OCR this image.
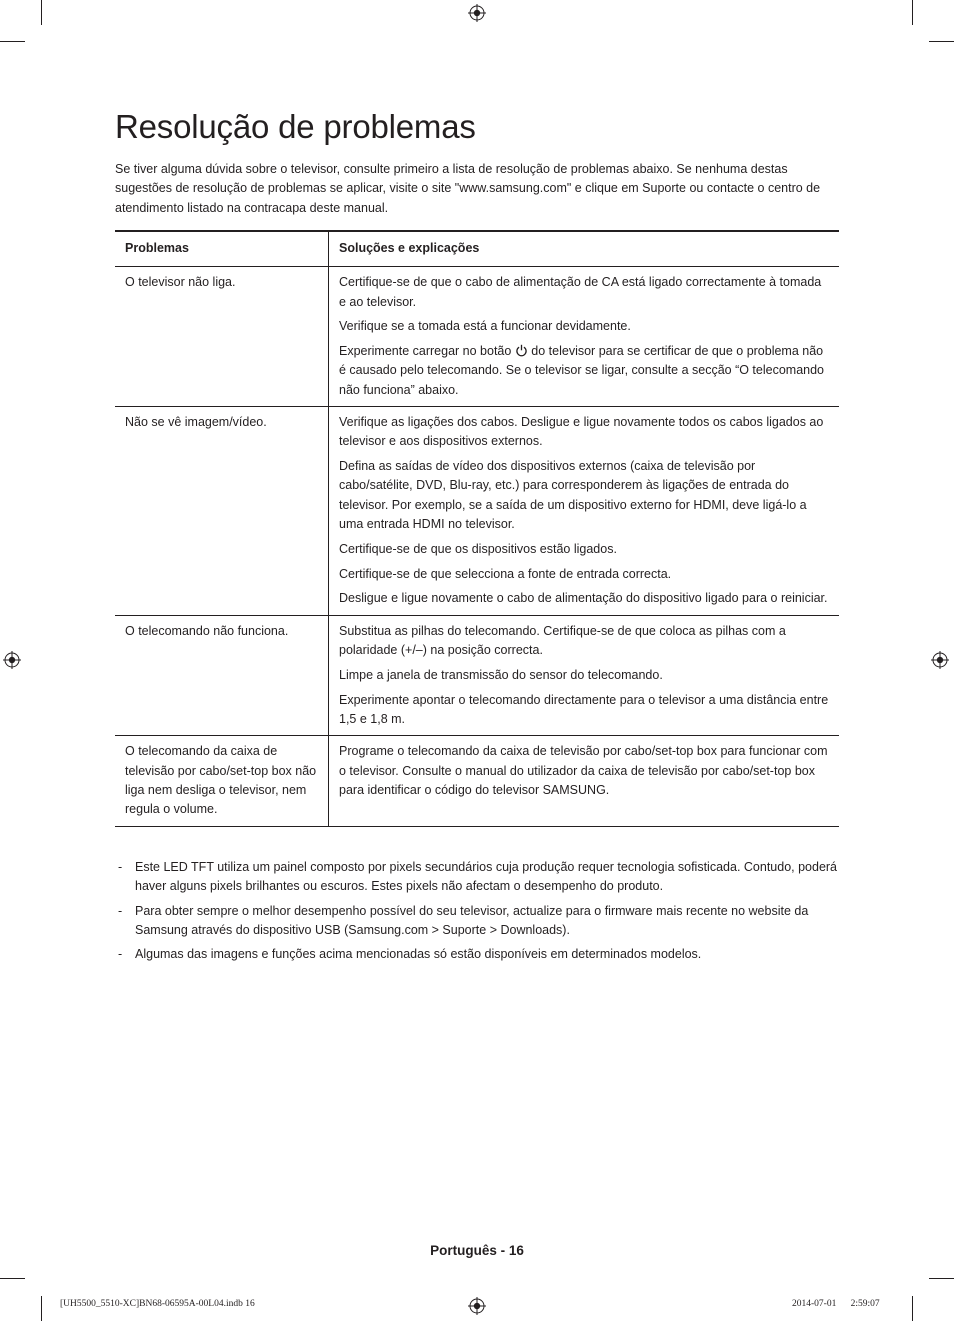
Resolução de problemas

Se tiver alguma dúvida sobre o televisor, consulte primeiro a lista de resolução de problemas abaixo. Se nenhuma destas sugestões de resolução de problemas se aplicar, visite o site "www.samsung.com" e clique em Suporte ou contacte o centro de atendimento listado na contracapa deste manual.

Problemas	Soluções e explicações
O televisor não liga.	Certifique-se de que o cabo de alimentação de CA está ligado correctamente à tomada e ao televisor.

Verifique se a tomada está a funcionar devidamente.

Experimente carregar no botão do televisor para se certificar de que o problema não é causado pelo telecomando. Se o televisor se ligar, consulte a secção “O telecomando não funciona” abaixo.

Não se vê imagem/vídeo.	Verifique as ligações dos cabos. Desligue e ligue novamente todos os cabos ligados ao televisor e aos dispositivos externos.

Defina as saídas de vídeo dos dispositivos externos (caixa de televisão por cabo/satélite, DVD, Blu-ray, etc.) para corresponderem às ligações de entrada do televisor. Por exemplo, se a saída de um dispositivo externo for HDMI, deve ligá-lo a uma entrada HDMI no televisor.

Certifique-se de que os dispositivos estão ligados.

Certifique-se de que selecciona a fonte de entrada correcta.

Desligue e ligue novamente o cabo de alimentação do dispositivo ligado para o reiniciar.

O telecomando não funciona.	Substitua as pilhas do telecomando. Certifique-se de que coloca as pilhas com a polaridade (+/–) na posição correcta.

Limpe a janela de transmissão do sensor do telecomando.

Experimente apontar o telecomando directamente para o televisor a uma distância entre 1,5 e 1,8 m.

O telecomando da caixa de televisão por cabo/set-top box não liga nem desliga o televisor, nem regula o volume.	Programe o telecomando da caixa de televisão por cabo/set-top box para funcionar com o televisor. Consulte o manual do utilizador da caixa de televisão por cabo/set-top box para identificar o código do televisor SAMSUNG.

- Este LED TFT utiliza um painel composto por pixels secundários cuja produção requer tecnologia sofisticada. Contudo, poderá haver alguns pixels brilhantes ou escuros. Estes pixels não afectam o desempenho do produto.
- Para obter sempre o melhor desempenho possível do seu televisor, actualize para o firmware mais recente no website da Samsung através do dispositivo USB (Samsung.com > Suporte > Downloads).
- Algumas das imagens e funções acima mencionadas só estão disponíveis em determinados modelos.
Português - 16
[UH5500_5510-XC]BN68-06595A-00L04.indb 16	2014-07-01   2:59:07
